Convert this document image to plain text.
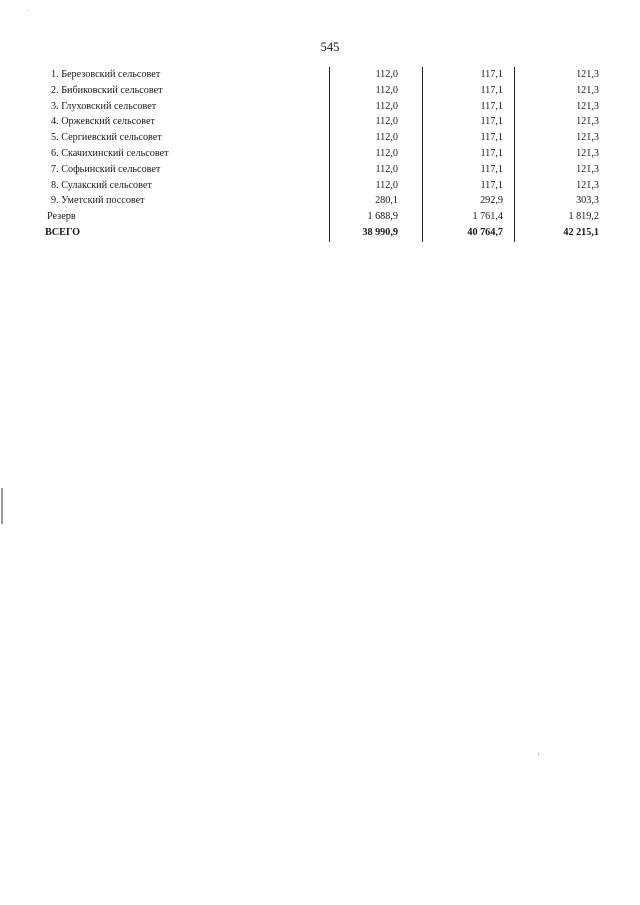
545
1. Березовский сельсовет	112,0	117,1	121,3
2. Бибиковский сельсовет	112,0	117,1	121,3
3. Глуховский сельсовет	112,0	117,1	121,3
4. Оржевский сельсовет	112,0	117,1	121,3
5. Сергиевский сельсовет	112,0	117,1	121,3
6. Скачихинский сельсовет	112,0	117,1	121,3
7. Софьинский сельсовет	112,0	117,1	121,3
8. Сулакский сельсовет	112,0	117,1	121,3
9. Уметский поссовет	280,1	292,9	303,3
Резерв	1 688,9	1 761,4	1 819,2
ВСЕГО	38 990,9	40 764,7	42 215,1
